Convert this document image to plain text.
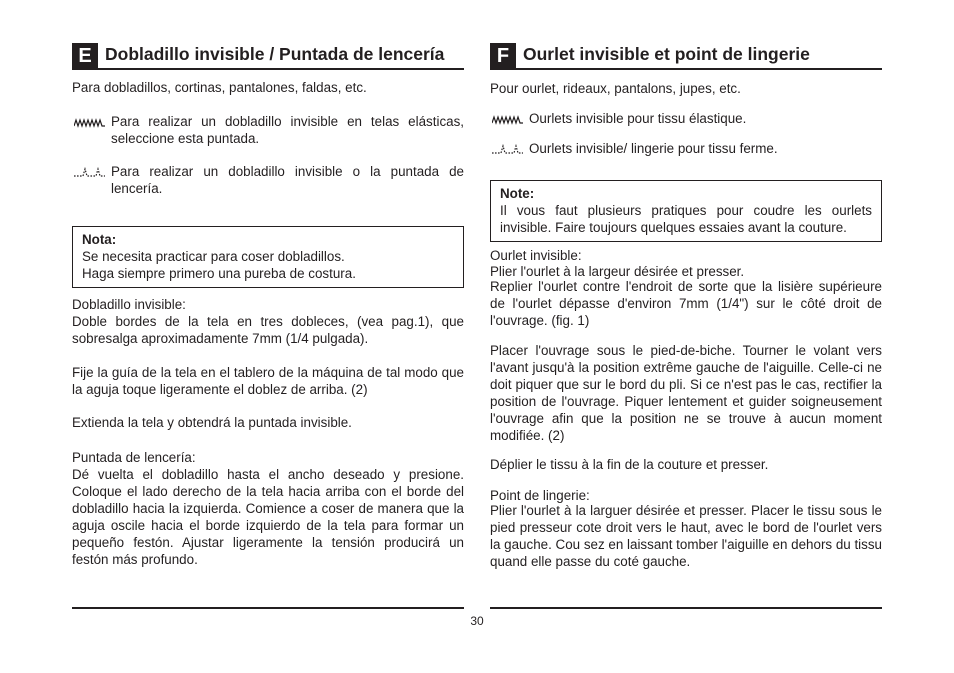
E Dobladillo invisible / Puntada de lencería

Para dobladillos, cortinas, pantalones, faldas, etc.

Para realizar un dobladillo invisible en telas elásticas, seleccione esta puntada.
Para realizar un dobladillo invisible o la puntada de lencería.
Nota:
Se necesita practicar para coser dobladillos.
Haga siempre primero una pureba de costura.

Dobladillo invisible:

Doble bordes de la tela en tres dobleces, (vea pag.1), que sobresalga aproximadamente 7mm (1/4 pulgada).

Fije la guía de la tela en el tablero de la máquina de tal modo que la aguja toque ligeramente el doblez de arriba. (2)

Extienda la tela y obtendrá la puntada invisible.

Puntada de lencería:

Dé vuelta el dobladillo hasta el ancho deseado y presione. Coloque el lado derecho de la tela hacia arriba con el borde del dobladillo hacia la izquierda. Comience a coser de manera que la aguja oscile hacia el borde izquierdo de la tela para formar un pequeño festón. Ajustar ligeramente la tensión producirá un festón más profundo.

F Ourlet invisible et point de lingerie

Pour ourlet, rideaux, pantalons, jupes, etc.

Ourlets invisible pour tissu élastique.
Ourlets invisible/ lingerie pour tissu ferme.
Note:
Il vous faut plusieurs pratiques pour coudre les ourlets invisible. Faire toujours quelques essaies avant la couture.

Ourlet invisible:

Plier l'ourlet à la largeur désirée et presser.

Replier l'ourlet contre l'endroit de sorte que la lisière supérieure de l'ourlet dépasse d'environ 7mm (1/4") sur le côté droit de l'ouvrage. (fig. 1)

Placer l'ouvrage sous le pied-de-biche. Tourner le volant vers l'avant jusqu'à la position extrême gauche de l'aiguille. Celle-ci ne doit piquer que sur le bord du pli. Si ce n'est pas le cas, rectifier la position de l'ouvrage. Piquer lentement et guider soigneusement l'ouvrage afin que la position ne se trouve à aucun moment modifiée. (2)

Déplier le tissu à la fin de la couture et presser.

Point de lingerie:

Plier l'ourlet à la larguer désirée et presser. Placer le tissu sous le pied presseur cote droit vers le haut, avec le bord de l'ourlet vers la gauche. Cou sez en laissant tomber l'aiguille en dehors du tissu quand elle passe du coté gauche.

30
